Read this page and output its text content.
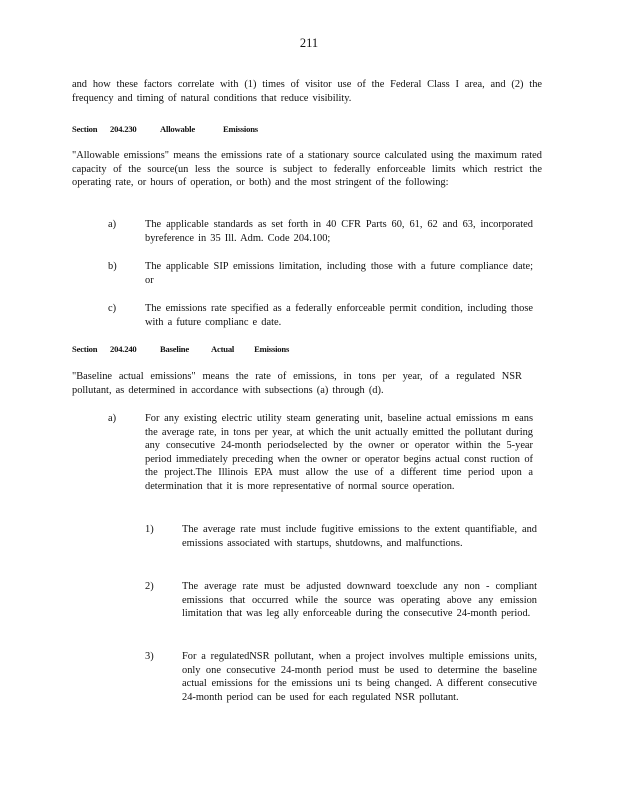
211
and how these factors correlate with (1) times of visitor use of the Federal Class I area, and (2) the frequency and timing of natural conditions that reduce visibility.
Section 204.230	Allowable	Emissions
"Allowable emissions" means the emissions rate of a stationary source calculated using the maximum rated capacity of the source(un less the source is subject to federally enforceable limits which restrict the operating rate, or hours of operation, or both) and the most stringent of the following:
a)	The applicable standards as set forth in 40 CFR Parts 60, 61, 62 and 63, incorporated byreference in 35 Ill. Adm. Code 204.100;
b)	The applicable SIP emissions limitation, including those with a future compliance date; or
c)	The emissions rate specified as a federally enforceable permit condition, including those with a future complianc e date.
Section 204.240	Baseline	Actual Emissions
"Baseline actual emissions" means the rate of emissions, in tons per year, of a regulated NSR pollutant, as determined in accordance with subsections (a) through (d).
a)	For any existing electric utility steam generating unit, baseline actual emissions m eans the average rate, in tons per year, at which the unit actually emitted the pollutant during any consecutive 24-month periodselected by the owner or operator within the 5-year period immediately preceding when the owner or operator begins actual const ruction of the project.The Illinois EPA must allow the use of a different time period upon a determination that it is more representative of normal source operation.
1)	The average rate must include fugitive emissions to the extent quantifiable, and emissions associated with startups, shutdowns, and malfunctions.
2)	The average rate must be adjusted downward toexclude any non - compliant emissions that occurred while the source was operating above any emission limitation that was leg ally enforceable during the consecutive 24-month period.
3)	For a regulatedNSR pollutant, when a project involves multiple emissions units, only one consecutive 24-month period must be used to determine the baseline actual emissions for the emissions uni ts being changed. A different consecutive 24-month period can be used for each regulated NSR pollutant.
